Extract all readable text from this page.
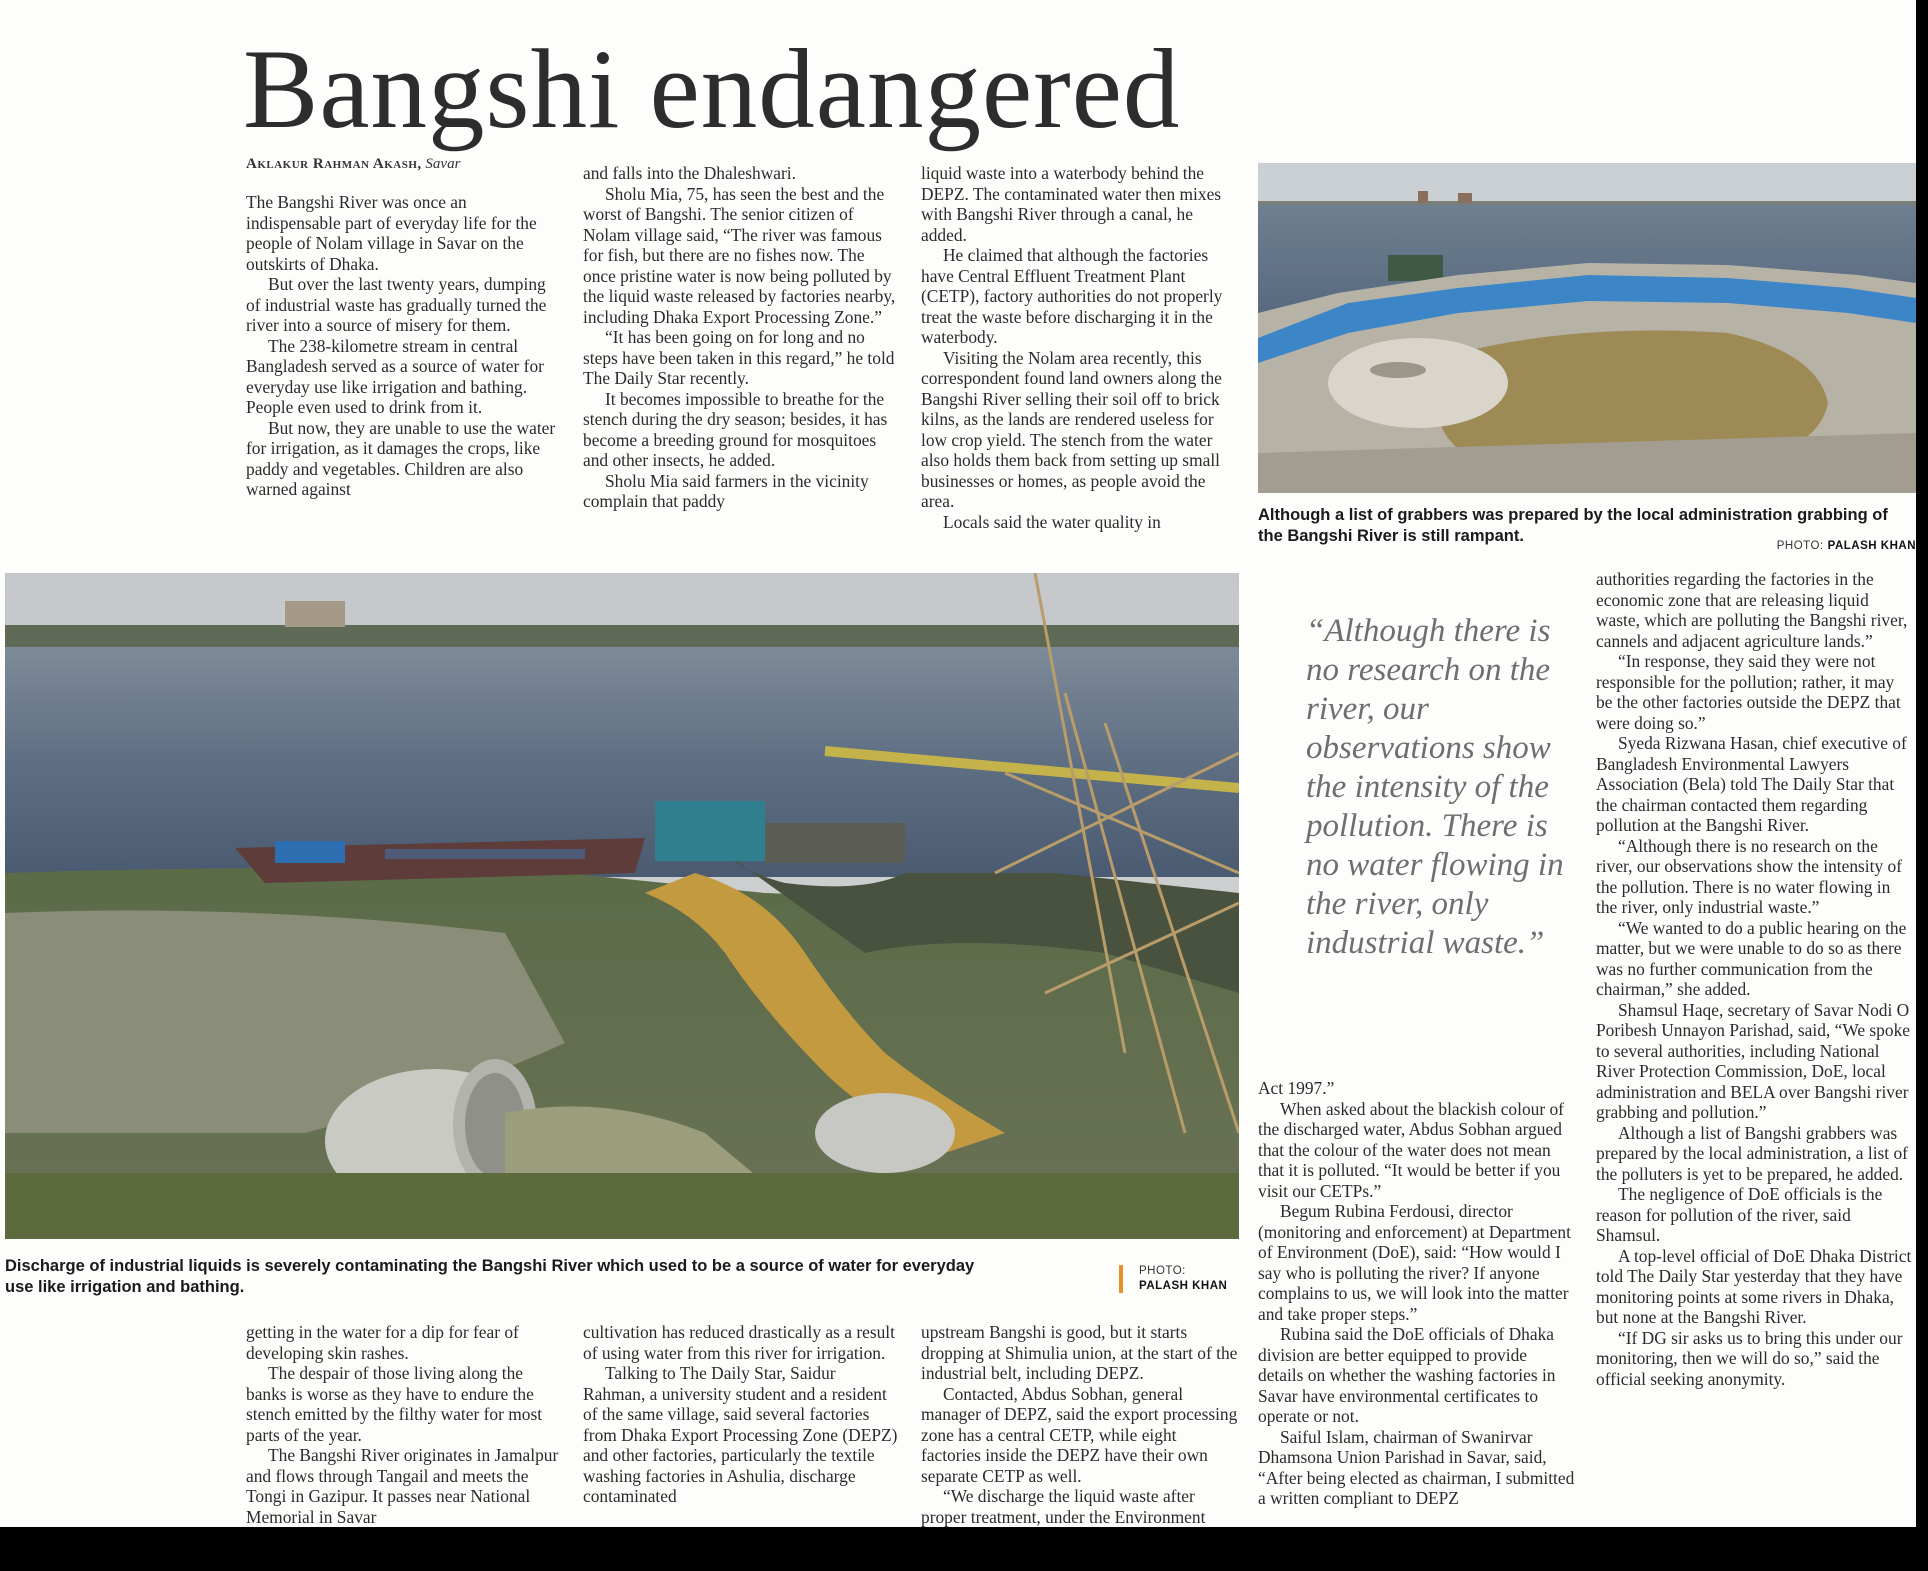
Bangshi endangered
Aklakur Rahman Akash, Savar

The Bangshi River was once an indispensable part of everyday life for the people of Nolam village in Savar on the outskirts of Dhaka.

But over the last twenty years, dumping of industrial waste has gradually turned the river into a source of misery for them.

The 238-kilometre stream in central Bangladesh served as a source of water for everyday use like irrigation and bathing. People even used to drink from it.

But now, they are unable to use the water for irrigation, as it damages the crops, like paddy and vegetables. Children are also warned against

and falls into the Dhaleshwari.

Sholu Mia, 75, has seen the best and the worst of Bangshi. The senior citizen of Nolam village said, “The river was famous for fish, but there are no fishes now. The once pristine water is now being polluted by the liquid waste released by factories nearby, including Dhaka Export Processing Zone.”

“It has been going on for long and no steps have been taken in this regard,” he told The Daily Star recently.

It becomes impossible to breathe for the stench during the dry season; besides, it has become a breeding ground for mosquitoes and other insects, he added.

Sholu Mia said farmers in the vicinity complain that paddy

liquid waste into a waterbody behind the DEPZ. The contaminated water then mixes with Bangshi River through a canal, he added.

He claimed that although the factories have Central Effluent Treatment Plant (CETP), factory authorities do not properly treat the waste before discharging it in the waterbody.

Visiting the Nolam area recently, this correspondent found land owners along the Bangshi River selling their soil off to brick kilns, as the lands are rendered useless for low crop yield. The stench from the water also holds them back from setting up small businesses or homes, as people avoid the area.

Locals said the water quality in	Although a list of grabbers was prepared by the local administration grabbing of the Bangshi River is still rampant.
PHOTO: PALASH KHAN
Discharge of industrial liquids is severely contaminating the Bangshi River which used to be a source of water for everyday use like irrigation and bathing.
PHOTO:
PALASH KHAN
“Although there is no research on the river, our observations show the intensity of the pollution. There is no water flowing in the river, only industrial waste.”

getting in the water for a dip for fear of developing skin rashes.

The despair of those living along the banks is worse as they have to endure the stench emitted by the filthy water for most parts of the year.

The Bangshi River originates in Jamalpur and flows through Tangail and meets the Tongi in Gazipur. It passes near National Memorial in Savar

cultivation has reduced drastically as a result of using water from this river for irrigation.

Talking to The Daily Star, Saidur Rahman, a university student and a resident of the same village, said several factories from Dhaka Export Processing Zone (DEPZ) and other factories, particularly the textile washing factories in Ashulia, discharge contaminated

upstream Bangshi is good, but it starts dropping at Shimulia union, at the start of the industrial belt, including DEPZ.

Contacted, Abdus Sobhan, general manager of DEPZ, said the export processing zone has a central CETP, while eight factories inside the DEPZ have their own separate CETP as well.

“We discharge the liquid waste after proper treatment, under the Environment

Act 1997.”

When asked about the blackish colour of the discharged water, Abdus Sobhan argued that the colour of the water does not mean that it is polluted. “It would be better if you visit our CETPs.”

Begum Rubina Ferdousi, director (monitoring and enforcement) at Department of Environment (DoE), said: “How would I say who is polluting the river? If anyone complains to us, we will look into the matter and take proper steps.”

Rubina said the DoE officials of Dhaka division are better equipped to provide details on whether the washing factories in Savar have environmental certificates to operate or not.

Saiful Islam, chairman of Swanirvar Dhamsona Union Parishad in Savar, said, “After being elected as chairman, I submitted a written compliant to DEPZ

authorities regarding the factories in the economic zone that are releasing liquid waste, which are polluting the Bangshi river, cannels and adjacent agriculture lands.”

“In response, they said they were not responsible for the pollution; rather, it may be the other factories outside the DEPZ that were doing so.”

Syeda Rizwana Hasan, chief executive of Bangladesh Environmental Lawyers Association (Bela) told The Daily Star that the chairman contacted them regarding pollution at the Bangshi River.

“Although there is no research on the river, our observations show the intensity of the pollution. There is no water flowing in the river, only industrial waste.”

“We wanted to do a public hearing on the matter, but we were unable to do so as there was no further communication from the chairman,” she added.

Shamsul Haqe, secretary of Savar Nodi O Poribesh Unnayon Parishad, said, “We spoke to several authorities, including National River Protection Commission, DoE, local administration and BELA over Bangshi river grabbing and pollution.”

Although a list of Bangshi grabbers was prepared by the local administration, a list of the polluters is yet to be prepared, he added.

The negligence of DoE officials is the reason for pollution of the river, said Shamsul.

A top-level official of DoE Dhaka District told The Daily Star yesterday that they have monitoring points at some rivers in Dhaka, but none at the Bangshi River.

“If DG sir asks us to bring this under our monitoring, then we will do so,” said the official seeking anonymity.
